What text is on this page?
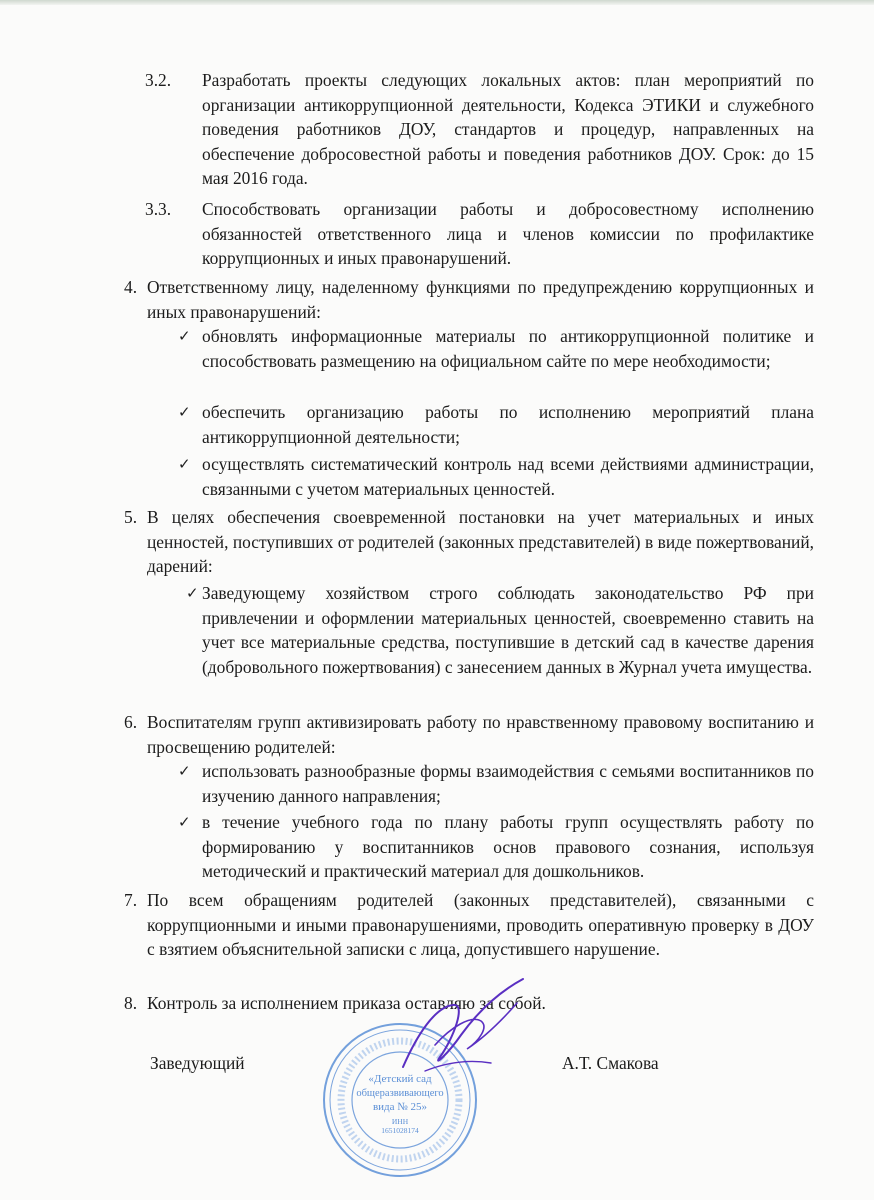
3.2. Разработать проекты следующих локальных актов: план мероприятий по организации антикоррупционной деятельности, Кодекса ЭТИКИ и служебного поведения работников ДОУ, стандартов и процедур, направленных на обеспечение добросовестной работы и поведения работников ДОУ. Срок: до 15 мая 2016 года.

3.3. Способствовать организации работы и добросовестному исполнению обязанностей ответственного лица и членов комиссии по профилактике коррупционных и иных правонарушений.

4. Ответственному лицу, наделенному функциями по предупреждению коррупционных и иных правонарушений:

✓ обновлять информационные материалы по антикоррупционной политике и способствовать размещению на официальном сайте по мере необходимости;

✓ обеспечить организацию работы по исполнению мероприятий плана антикоррупционной деятельности;

✓ осуществлять систематический контроль над всеми действиями администрации, связанными с учетом материальных ценностей.

5. В целях обеспечения своевременной постановки на учет материальных и иных ценностей, поступивших от родителей (законных представителей) в виде пожертвований, дарений:

✓ Заведующему хозяйством строго соблюдать законодательство РФ при привлечении и оформлении материальных ценностей, своевременно ставить на учет все материальные средства, поступившие в детский сад в качестве дарения (добровольного пожертвования) с занесением данных в Журнал учета имущества.

6. Воспитателям групп активизировать работу по нравственному правовому воспитанию и просвещению родителей:

✓ использовать разнообразные формы взаимодействия с семьями воспитанников по изучению данного направления;

✓ в течение учебного года по плану работы групп осуществлять работу по формированию у воспитанников основ правового сознания, используя методический и практический материал для дошкольников.

7. По всем обращениям родителей (законных представителей), связанными с коррупционными и иными правонарушениями, проводить оперативную проверку в ДОУ с взятием объяснительной записки с лица, допустившего нарушение.

8. Контроль за исполнением приказа оставляю за собой.

«Детский сад
общеразвивающего
вида № 25»
ИНН
1651028174
Заведующий	А.Т. Смакова
